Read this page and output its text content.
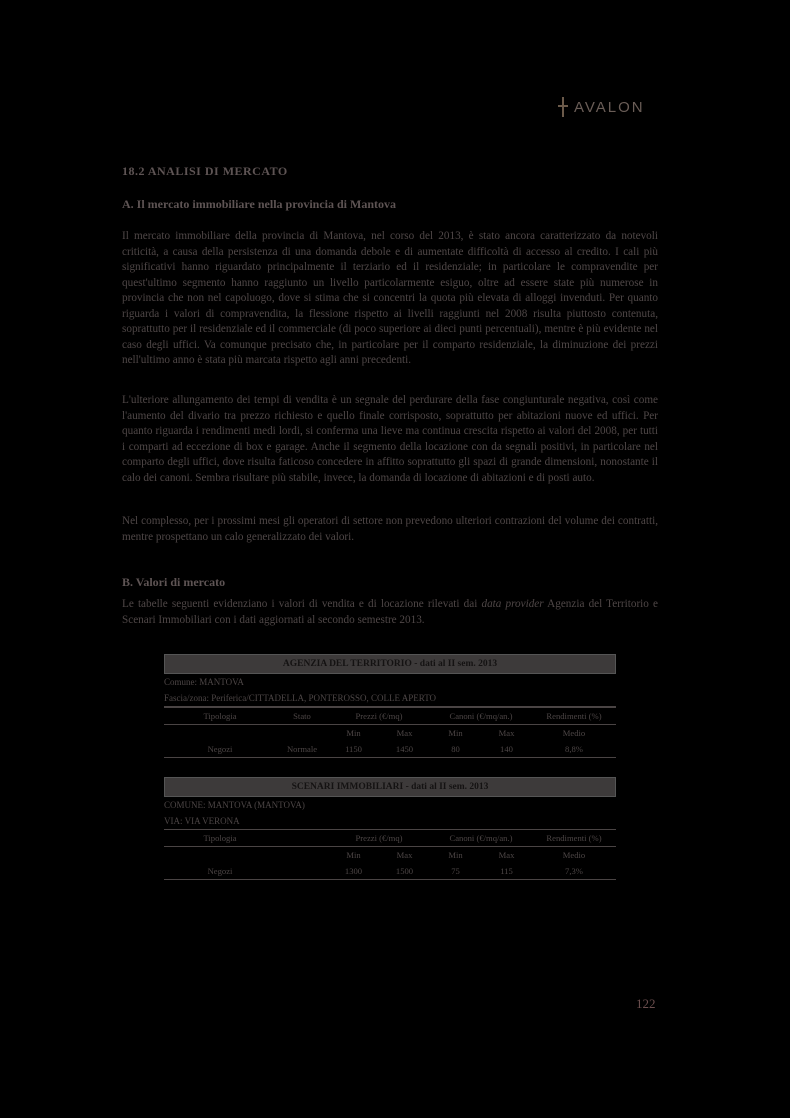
AVALON
18.2 ANALISI DI MERCATO
A. Il mercato immobiliare nella provincia di Mantova

Il mercato immobiliare della provincia di Mantova, nel corso del 2013, è stato ancora caratterizzato da notevoli criticità, a causa della persistenza di una domanda debole e di aumentate difficoltà di accesso al credito. I cali più significativi hanno riguardato principalmente il terziario ed il residenziale; in particolare le compravendite per quest'ultimo segmento hanno raggiunto un livello particolarmente esiguo, oltre ad essere state più numerose in provincia che non nel capoluogo, dove si stima che si concentri la quota più elevata di alloggi invenduti. Per quanto riguarda i valori di compravendita, la flessione rispetto ai livelli raggiunti nel 2008 risulta piuttosto contenuta, soprattutto per il residenziale ed il commerciale (di poco superiore ai dieci punti percentuali), mentre è più evidente nel caso degli uffici. Va comunque precisato che, in particolare per il comparto residenziale, la diminuzione dei prezzi nell'ultimo anno è stata più marcata rispetto agli anni precedenti.

L'ulteriore allungamento dei tempi di vendita è un segnale del perdurare della fase congiunturale negativa, così come l'aumento del divario tra prezzo richiesto e quello finale corrisposto, soprattutto per abitazioni nuove ed uffici. Per quanto riguarda i rendimenti medi lordi, si conferma una lieve ma continua crescita rispetto ai valori del 2008, per tutti i comparti ad eccezione di box e garage. Anche il segmento della locazione con da segnali positivi, in particolare nel comparto degli uffici, dove risulta faticoso concedere in affitto soprattutto gli spazi di grande dimensioni, nonostante il calo dei canoni. Sembra risultare più stabile, invece, la domanda di locazione di abitazioni e di posti auto.

Nel complesso, per i prossimi mesi gli operatori di settore non prevedono ulteriori contrazioni del volume dei contratti, mentre prospettano un calo generalizzato dei valori.

B. Valori di mercato

Le tabelle seguenti evidenziano i valori di vendita e di locazione rilevati dai data provider Agenzia del Territorio e Scenari Immobiliari con i dati aggiornati al secondo semestre 2013.

AGENZIA DEL TERRITORIO - dati al II sem. 2013
Comune: MANTOVA
Fascia/zona: Periferica/CITTADELLA, PONTEROSSO, COLLE APERTO
Tipologia	Stato	Prezzi (€/mq)	Canoni (€/mq/an.)	Rendimenti (%)
Min	Max	Min	Max	Medio
Negozi	Normale	1150	1450	80	140	8,8%
SCENARI IMMOBILIARI - dati al II sem. 2013
COMUNE: MANTOVA (MANTOVA)
VIA: VIA VERONA
Tipologia	Prezzi (€/mq)	Canoni (€/mq/an.)	Rendimenti (%)
Min	Max	Min	Max	Medio
Negozi	1300	1500	75	115	7,3%
122
